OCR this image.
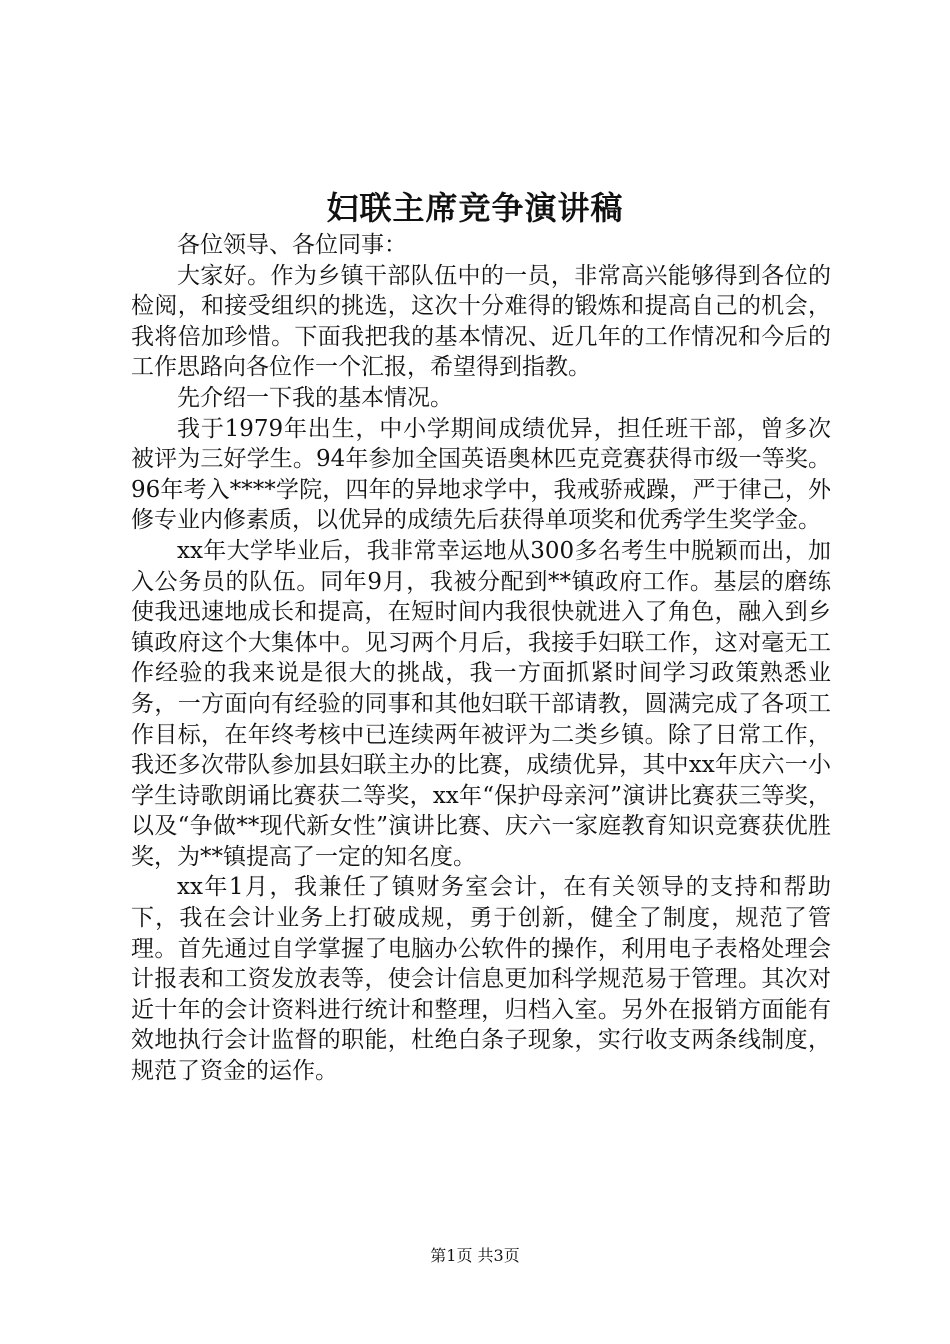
妇联主席竞争演讲稿

各位领导、各位同事：

大家好。作为乡镇干部队伍中的一员，非常高兴能够得到各位的检阅，和接受组织的挑选，这次十分难得的锻炼和提高自己的机会，我将倍加珍惜。下面我把我的基本情况、近几年的工作情况和今后的工作思路向各位作一个汇报，希望得到指教。

先介绍一下我的基本情况。

我于1979年出生，中小学期间成绩优异，担任班干部，曾多次被评为三好学生。94年参加全国英语奥林匹克竞赛获得市级一等奖。96年考入****学院，四年的异地求学中，我戒骄戒躁，严于律己，外修专业内修素质，以优异的成绩先后获得单项奖和优秀学生奖学金。

xx年大学毕业后，我非常幸运地从300多名考生中脱颖而出，加入公务员的队伍。同年9月，我被分配到**镇政府工作。基层的磨练使我迅速地成长和提高，在短时间内我很快就进入了角色，融入到乡镇政府这个大集体中。见习两个月后，我接手妇联工作，这对毫无工作经验的我来说是很大的挑战，我一方面抓紧时间学习政策熟悉业务，一方面向有经验的同事和其他妇联干部请教，圆满完成了各项工作目标，在年终考核中已连续两年被评为二类乡镇。除了日常工作，我还多次带队参加县妇联主办的比赛，成绩优异，其中xx年庆六一小学生诗歌朗诵比赛获二等奖，xx年“保护母亲河”演讲比赛获三等奖，以及“争做**现代新女性”演讲比赛、庆六一家庭教育知识竞赛获优胜奖，为**镇提高了一定的知名度。

xx年1月，我兼任了镇财务室会计，在有关领导的支持和帮助下，我在会计业务上打破成规，勇于创新，健全了制度，规范了管理。首先通过自学掌握了电脑办公软件的操作，利用电子表格处理会计报表和工资发放表等，使会计信息更加科学规范易于管理。其次对近十年的会计资料进行统计和整理，归档入室。另外在报销方面能有效地执行会计监督的职能，杜绝白条子现象，实行收支两条线制度，规范了资金的运作。

第1页 共3页
